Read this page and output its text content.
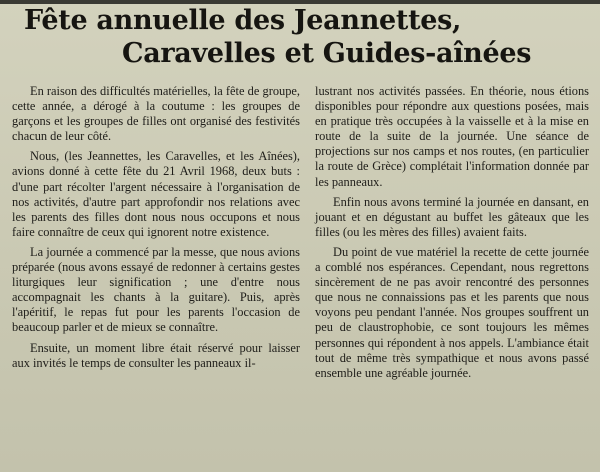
Fête annuelle des Jeannettes,
Caravelles et Guides-aînées

En raison des difficultés matérielles, la fête de groupe, cette année, a dérogé à la coutume : les groupes de garçons et les groupes de filles ont organisé des festivités chacun de leur côté.

Nous, (les Jeannettes, les Caravelles, et les Aînées), avions donné à cette fête du 21 Avril 1968, deux buts : d'une part récolter l'argent nécessaire à l'organisation de nos activités, d'autre part approfondir nos relations avec les parents des filles dont nous nous occupons et nous faire connaître de ceux qui ignorent notre existence.

La journée a commencé par la messe, que nous avions préparée (nous avons essayé de redonner à certains gestes liturgiques leur signification ; une d'entre nous accompagnait les chants à la guitare). Puis, après l'apéritif, le repas fut pour les parents l'occasion de beaucoup parler et de mieux se connaître.

Ensuite, un moment libre était réservé pour laisser aux invités le temps de consulter les panneaux il-

lustrant nos activités passées. En théorie, nous étions disponibles pour répondre aux questions posées, mais en pratique très occupées à la vaisselle et à la mise en route de la suite de la journée. Une séance de projections sur nos camps et nos routes, (en particulier la route de Grèce) complétait l'information donnée par les panneaux.

Enfin nous avons terminé la journée en dansant, en jouant et en dégustant au buffet les gâteaux que les filles (ou les mères des filles) avaient faits.

Du point de vue matériel la recette de cette journée a comblé nos espérances. Cependant, nous regrettons sincèrement de ne pas avoir rencontré des personnes que nous ne connaissions pas et les parents que nous voyons peu pendant l'année. Nos groupes souffrent un peu de claustrophobie, ce sont toujours les mêmes personnes qui répondent à nos appels. L'ambiance était tout de même très sympathique et nous avons passé ensemble une agréable journée.
